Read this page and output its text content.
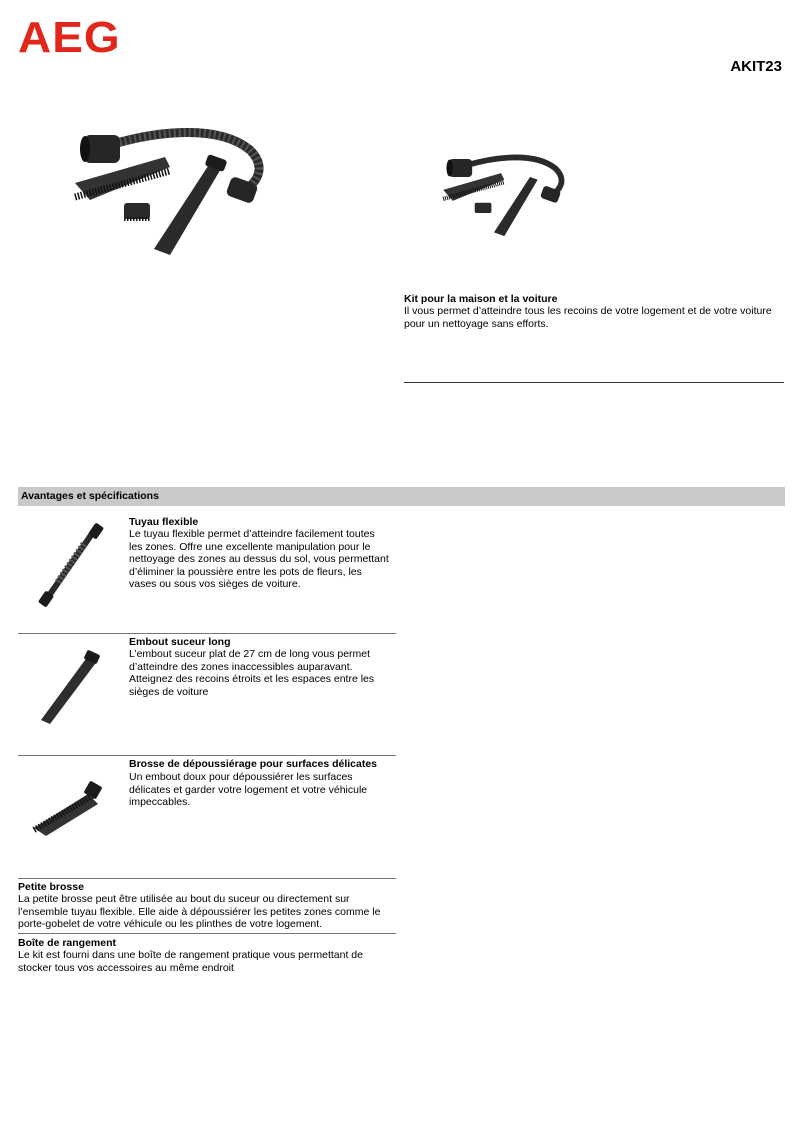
AEG
AKIT23
Kit pour la maison et la voiture
Il vous permet d’atteindre tous les recoins de votre logement et de votre voiture pour un nettoyage sans efforts.
Avantages et spécifications
Tuyau flexible
Le tuyau flexible permet d’atteindre facilement toutes les zones. Offre une excellente manipulation pour le nettoyage des zones au dessus du sol, vous permettant d’éliminer la poussière entre les pots de fleurs, les vases ou sous vos sièges de voiture.
Embout suceur long
L’embout suceur plat de 27 cm de long vous permet d’atteindre des zones inaccessibles auparavant. Atteignez des recoins étroits et les espaces entre les sièges de voiture
Brosse de dépoussiérage pour surfaces délicates
Un embout doux pour dépoussiérer les surfaces délicates et garder votre logement et votre véhicule impeccables.
Petite brosse
La petite brosse peut être utilisée au bout du suceur ou directement sur l’ensemble tuyau flexible. Elle aide à dépoussiérer les petites zones comme le porte-gobelet de votre véhicule ou les plinthes de votre logement.
Boîte de rangement
Le kit est fourni dans une boîte de rangement pratique vous permettant de stocker tous vos accessoires au même endroit
